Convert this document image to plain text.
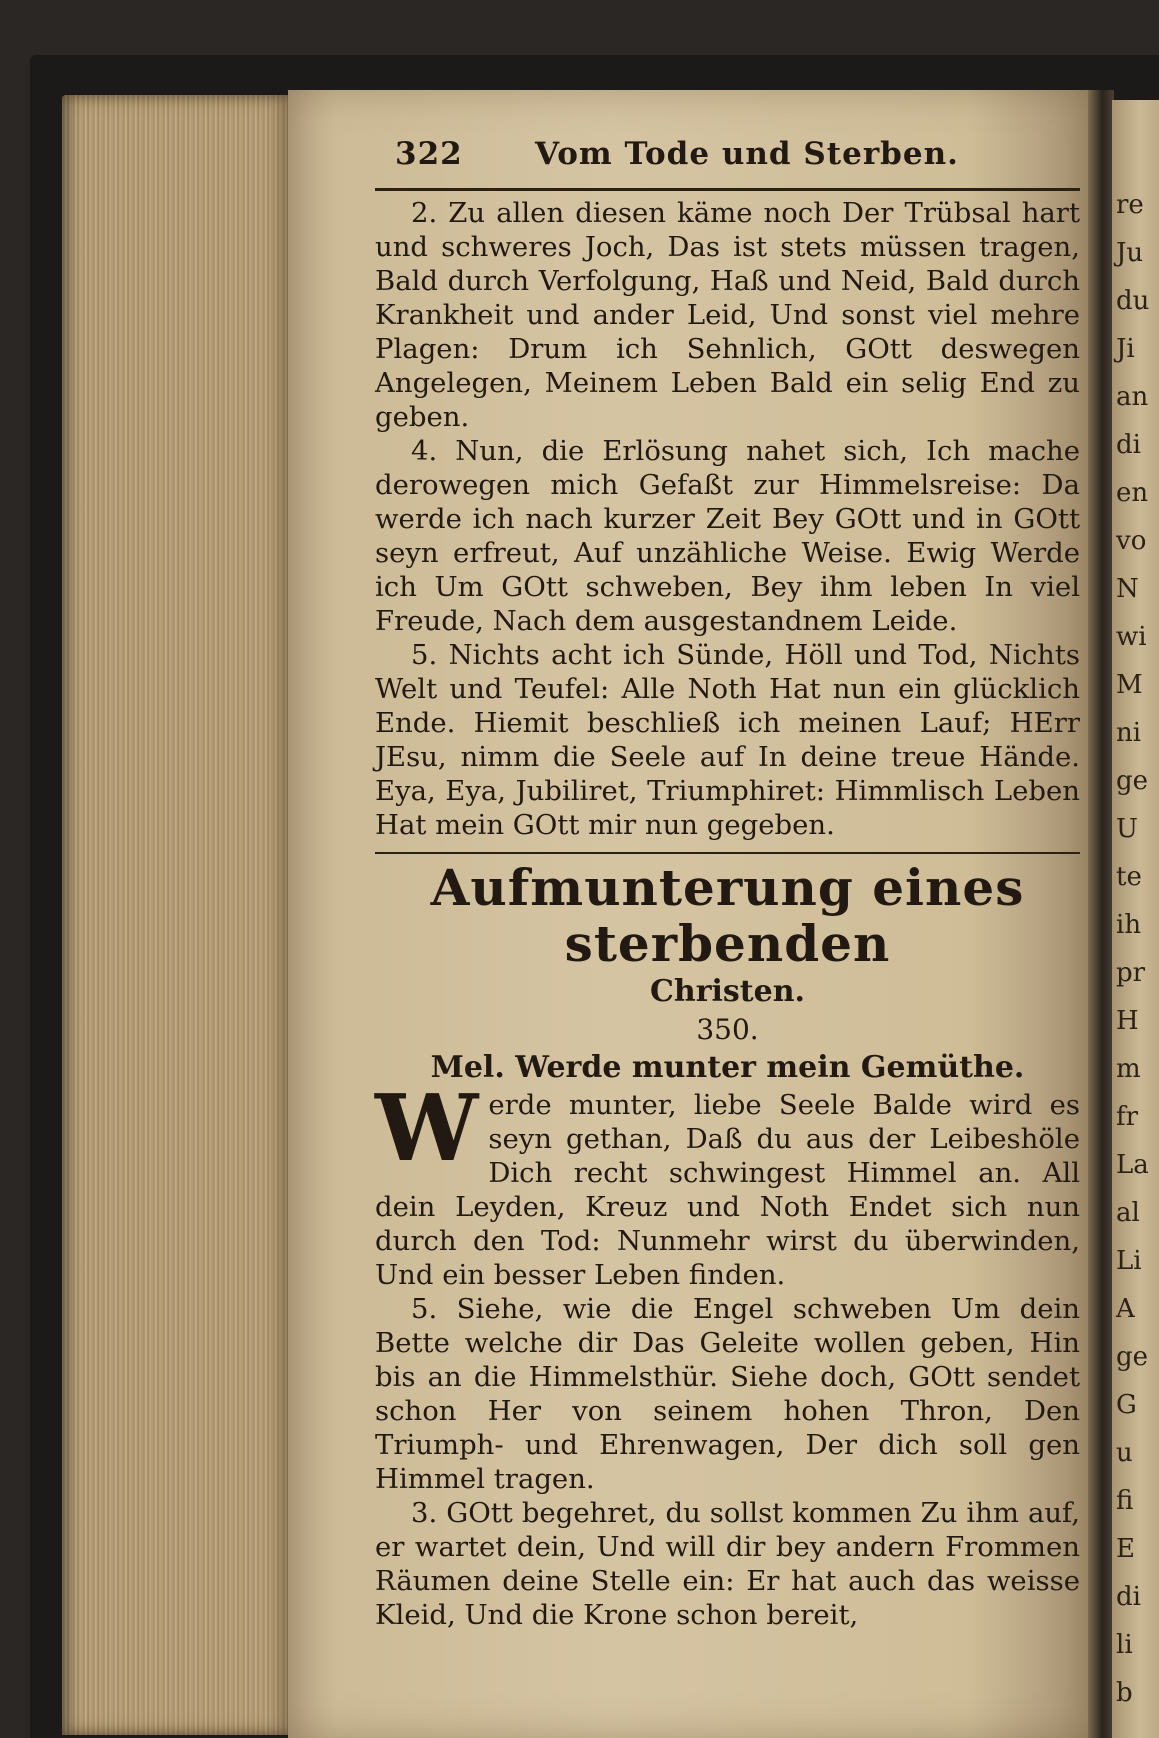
re
Ju
du
Ji
an
di
en
vo
N
wi
M
ni
ge
U
te
ih
pr
H
m
fr
La
al
Li
A
ge
G
u
fi
E
di
li
b
322 Vom Tode und Sterben.

2. Zu allen diesen käme noch Der Trübsal hart und schweres Joch, Das ist stets müssen tragen, Bald durch Verfolgung, Haß und Neid, Bald durch Krankheit und ander Leid, Und sonst viel mehre Plagen: Drum ich Sehnlich, GOtt deswegen Angelegen, Meinem Leben Bald ein selig End zu geben.

4. Nun, die Erlösung nahet sich, Ich mache derowegen mich Gefaßt zur Himmelsreise: Da werde ich nach kurzer Zeit Bey GOtt und in GOtt seyn erfreut, Auf unzähliche Weise. Ewig Werde ich Um GOtt schweben, Bey ihm leben In viel Freude, Nach dem ausgestandnem Leide.

5. Nichts acht ich Sünde, Höll und Tod, Nichts Welt und Teufel: Alle Noth Hat nun ein glücklich Ende. Hiemit beschließ ich meinen Lauf; HErr JEsu, nimm die Seele auf In deine treue Hände. Eya, Eya, Jubiliret, Triumphiret: Himmlisch Leben Hat mein GOtt mir nun gegeben.

Aufmunterung eines sterbenden
Christen.
350.
Mel. Werde munter mein Gemüthe.

Werde munter, liebe Seele Balde wird es seyn gethan, Daß du aus der Leibeshöle Dich recht schwingest Himmel an. All dein Leyden, Kreuz und Noth Endet sich nun durch den Tod: Nunmehr wirst du überwinden, Und ein besser Leben finden.

5. Siehe, wie die Engel schweben Um dein Bette welche dir Das Geleite wollen geben, Hin bis an die Himmelsthür. Siehe doch, GOtt sendet schon Her von seinem hohen Thron, Den Triumph- und Ehrenwagen, Der dich soll gen Himmel tragen.

3. GOtt begehret, du sollst kommen Zu ihm auf, er wartet dein, Und will dir bey andern Frommen Räumen deine Stelle ein: Er hat auch das weisse Kleid, Und die Krone schon bereit,
